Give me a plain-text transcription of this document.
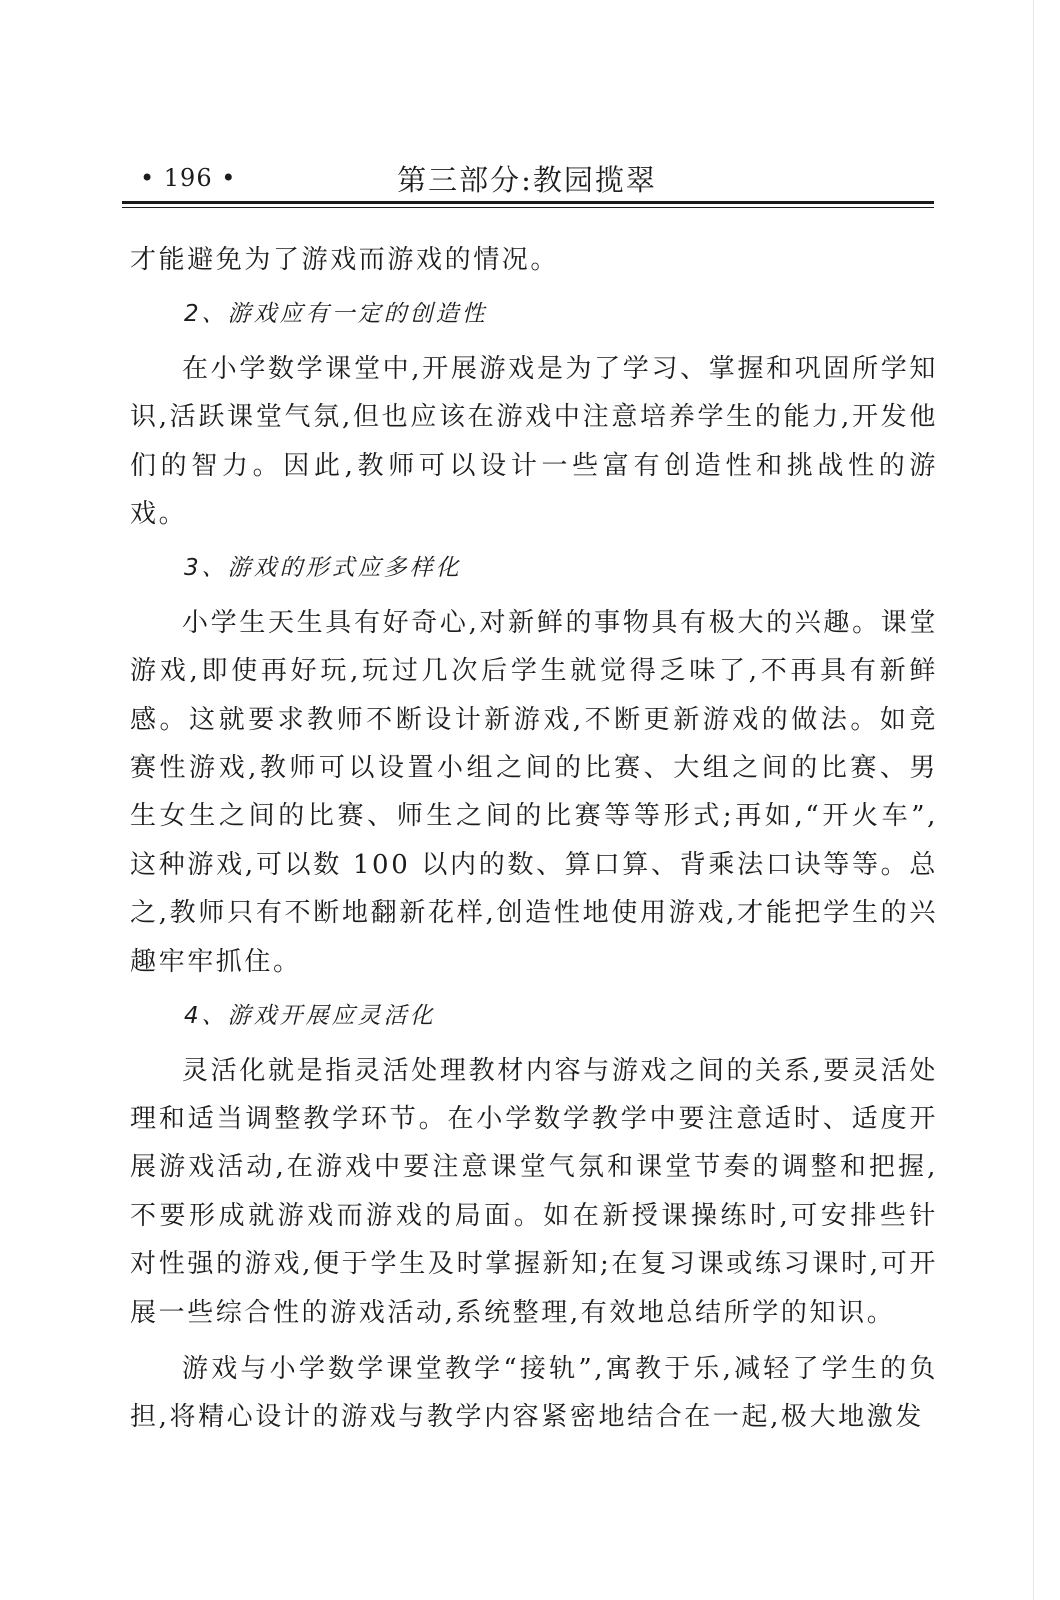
• 196 •	第三部分:教园揽翠

才能避免为了游戏而游戏的情况。

2、游戏应有一定的创造性

在小学数学课堂中,开展游戏是为了学习、掌握和巩固所学知识,活跃课堂气氛,但也应该在游戏中注意培养学生的能力,开发他们的智力。因此,教师可以设计一些富有创造性和挑战性的游戏。

3、游戏的形式应多样化

小学生天生具有好奇心,对新鲜的事物具有极大的兴趣。课堂游戏,即使再好玩,玩过几次后学生就觉得乏味了,不再具有新鲜感。这就要求教师不断设计新游戏,不断更新游戏的做法。如竞赛性游戏,教师可以设置小组之间的比赛、大组之间的比赛、男生女生之间的比赛、师生之间的比赛等等形式;再如,“开火车”,这种游戏,可以数 100 以内的数、算口算、背乘法口诀等等。总之,教师只有不断地翻新花样,创造性地使用游戏,才能把学生的兴趣牢牢抓住。

4、游戏开展应灵活化

灵活化就是指灵活处理教材内容与游戏之间的关系,要灵活处理和适当调整教学环节。在小学数学教学中要注意适时、适度开展游戏活动,在游戏中要注意课堂气氛和课堂节奏的调整和把握,不要形成就游戏而游戏的局面。如在新授课操练时,可安排些针对性强的游戏,便于学生及时掌握新知;在复习课或练习课时,可开展一些综合性的游戏活动,系统整理,有效地总结所学的知识。

游戏与小学数学课堂教学“接轨”,寓教于乐,减轻了学生的负担,将精心设计的游戏与教学内容紧密地结合在一起,极大地激发
